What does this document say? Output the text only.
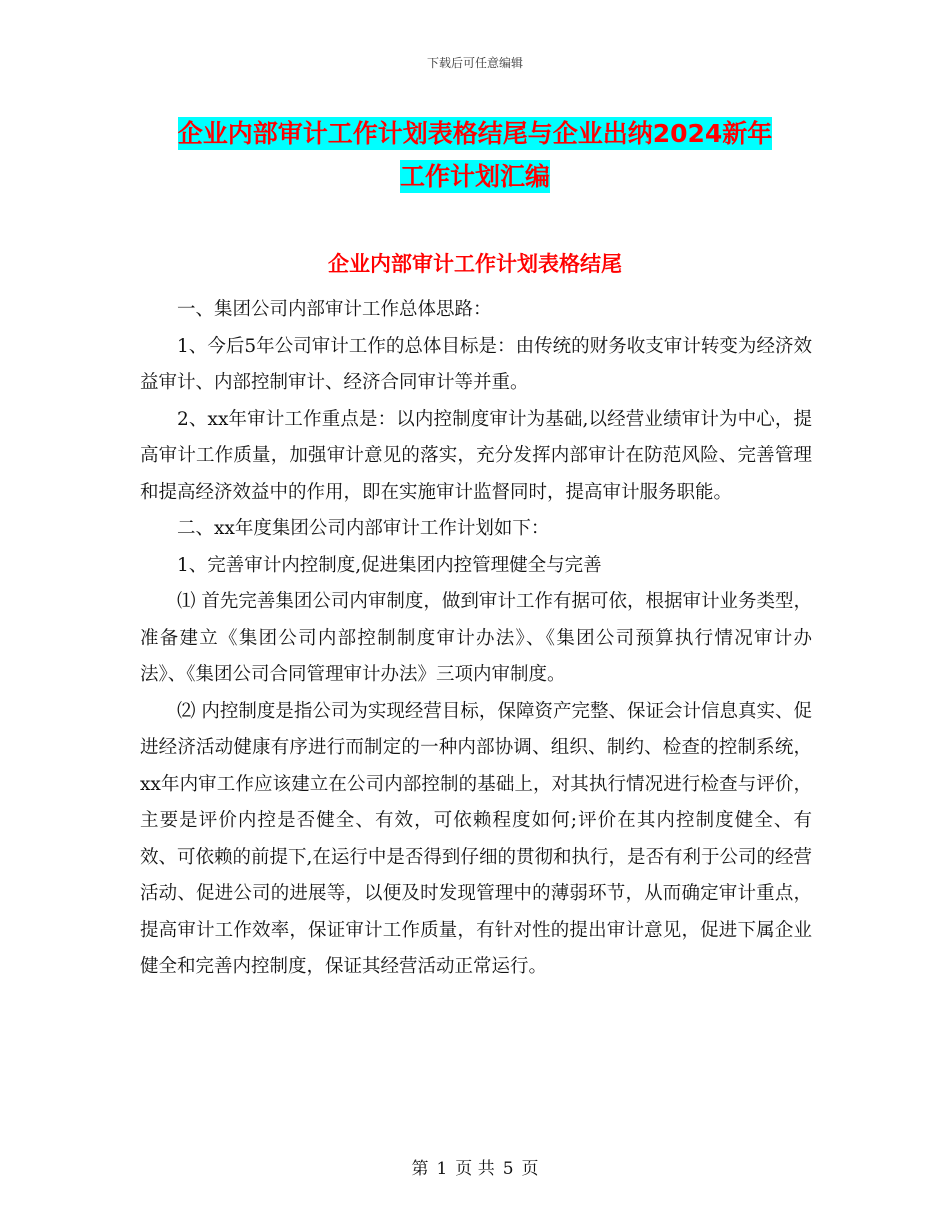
下载后可任意编辑
企业内部审计工作计划表格结尾与企业出纳2024新年
工作计划汇编
企业内部审计工作计划表格结尾

一、集团公司内部审计工作总体思路：

1、今后5年公司审计工作的总体目标是：由传统的财务收支审计转变为经济效益审计、内部控制审计、经济合同审计等并重。

2、xx年审计工作重点是：以内控制度审计为基础,以经营业绩审计为中心，提高审计工作质量，加强审计意见的落实，充分发挥内部审计在防范风险、完善管理和提高经济效益中的作用，即在实施审计监督同时，提高审计服务职能。

二、xx年度集团公司内部审计工作计划如下：

1、完善审计内控制度,促进集团内控管理健全与完善

⑴ 首先完善集团公司内审制度，做到审计工作有据可依，根据审计业务类型，准备建立《集团公司内部控制制度审计办法》、《集团公司预算执行情况审计办法》、《集团公司合同管理审计办法》三项内审制度。

⑵ 内控制度是指公司为实现经营目标，保障资产完整、保证会计信息真实、促进经济活动健康有序进行而制定的一种内部协调、组织、制约、检查的控制系统，xx年内审工作应该建立在公司内部控制的基础上，对其执行情况进行检查与评价，主要是评价内控是否健全、有效，可依赖程度如何;评价在其内控制度健全、有效、可依赖的前提下,在运行中是否得到仔细的贯彻和执行，是否有利于公司的经营活动、促进公司的进展等，以便及时发现管理中的薄弱环节，从而确定审计重点，提高审计工作效率，保证审计工作质量，有针对性的提出审计意见，促进下属企业健全和完善内控制度，保证其经营活动正常运行。

第 1 页 共 5 页
